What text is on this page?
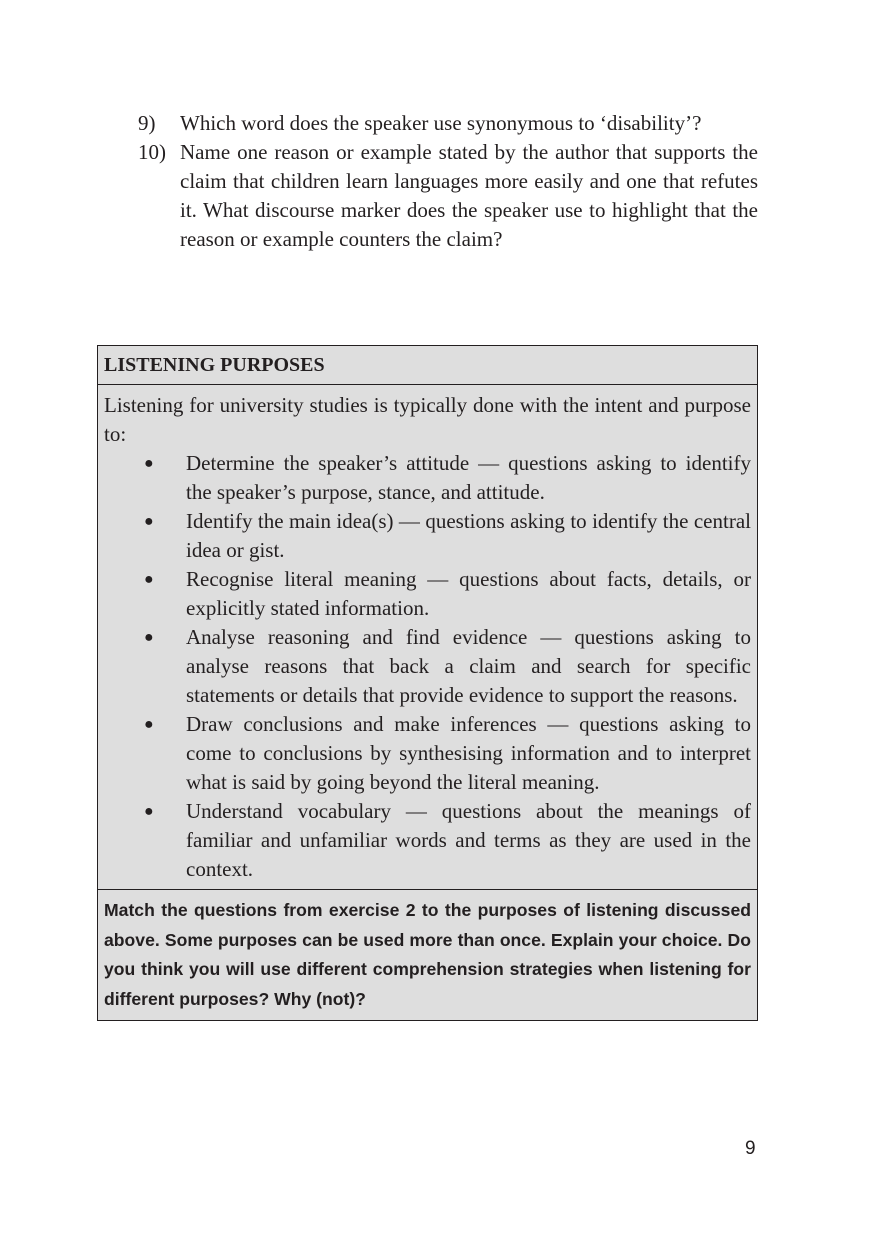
9)	Which word does the speaker use synonymous to ‘disability’?
10) Name one reason or example stated by the author that supports the claim that children learn languages more easily and one that refutes it. What discourse marker does the speaker use to highlight that the reason or example counters the claim?
LISTENING PURPOSES
Listening for university studies is typically done with the intent and purpose to:
●	Determine the speaker’s attitude — questions asking to identify the speaker’s purpose, stance, and attitude.
●	Identify the main idea(s) — questions asking to identify the central idea or gist.
●	Recognise literal meaning — questions about facts, details, or explicitly stated information.
●	Analyse reasoning and find evidence — questions asking to analyse reasons that back a claim and search for specific statements or details that provide evidence to support the reasons.
●	Draw conclusions and make inferences — questions asking to come to conclusions by synthesising information and to interpret what is said by going beyond the literal meaning.
●	Understand vocabulary — questions about the meanings of familiar and unfamiliar words and terms as they are used in the context.
Match the questions from exercise 2 to the purposes of listening discussed above. Some purposes can be used more than once. Explain your choice. Do you think you will use different comprehension strategies when listening for different purposes? Why (not)?
9
